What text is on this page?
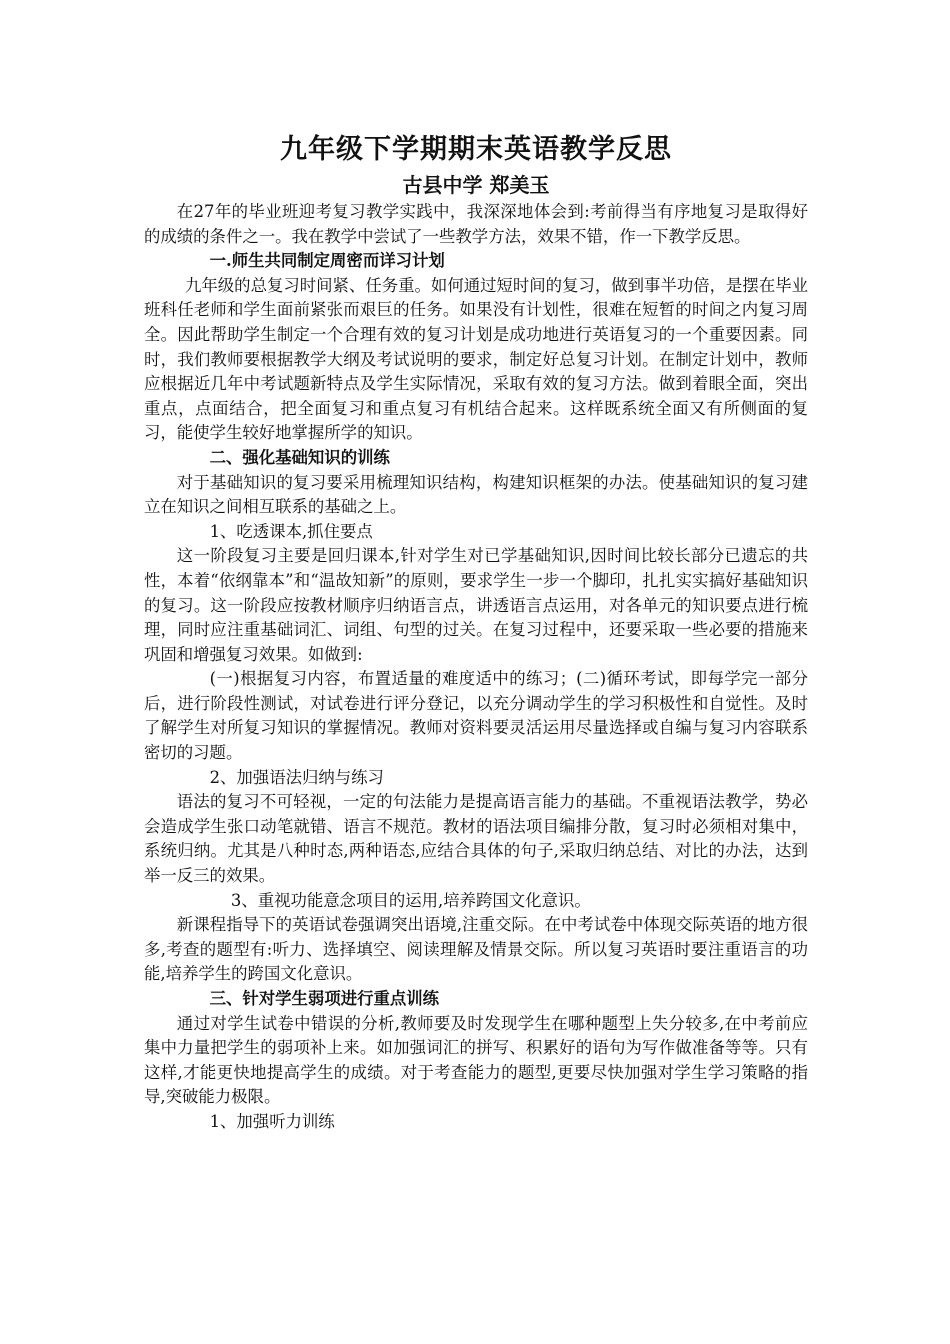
九年级下学期期末英语教学反思
古县中学 郑美玉

在27年的毕业班迎考复习教学实践中，我深深地体会到:考前得当有序地复习是取得好的成绩的条件之一。我在教学中尝试了一些教学方法，效果不错，作一下教学反思。

一.师生共同制定周密而详习计划

九年级的总复习时间紧、任务重。如何通过短时间的复习，做到事半功倍，是摆在毕业班科任老师和学生面前紧张而艰巨的任务。如果没有计划性，很难在短暂的时间之内复习周全。因此帮助学生制定一个合理有效的复习计划是成功地进行英语复习的一个重要因素。同时，我们教师要根据教学大纲及考试说明的要求，制定好总复习计划。在制定计划中，教师应根据近几年中考试题新特点及学生实际情况，采取有效的复习方法。做到着眼全面，突出重点，点面结合，把全面复习和重点复习有机结合起来。这样既系统全面又有所侧面的复习，能使学生较好地掌握所学的知识。

二、强化基础知识的训练

对于基础知识的复习要采用梳理知识结构，构建知识框架的办法。使基础知识的复习建立在知识之间相互联系的基础之上。

1、吃透课本,抓住要点

这一阶段复习主要是回归课本,针对学生对已学基础知识,因时间比较长部分已遗忘的共性，本着“依纲靠本”和“温故知新”的原则，要求学生一步一个脚印，扎扎实实搞好基础知识的复习。这一阶段应按教材顺序归纳语言点，讲透语言点运用，对各单元的知识要点进行梳理，同时应注重基础词汇、词组、句型的过关。在复习过程中，还要采取一些必要的措施来巩固和增强复习效果。如做到:

(一)根据复习内容，布置适量的难度适中的练习；(二)循环考试，即每学完一部分后，进行阶段性测试，对试卷进行评分登记，以充分调动学生的学习积极性和自觉性。及时了解学生对所复习知识的掌握情况。教师对资料要灵活运用尽量选择或自编与复习内容联系密切的习题。

2、加强语法归纳与练习

语法的复习不可轻视，一定的句法能力是提高语言能力的基础。不重视语法教学，势必会造成学生张口动笔就错、语言不规范。教材的语法项目编排分散，复习时必须相对集中，系统归纳。尤其是八种时态,两种语态,应结合具体的句子,采取归纳总结、对比的办法，达到举一反三的效果。

3、重视功能意念项目的运用,培养跨国文化意识。

新课程指导下的英语试卷强调突出语境,注重交际。在中考试卷中体现交际英语的地方很多,考查的题型有:听力、选择填空、阅读理解及情景交际。所以复习英语时要注重语言的功能,培养学生的跨国文化意识。

三、针对学生弱项进行重点训练

通过对学生试卷中错误的分析,教师要及时发现学生在哪种题型上失分较多,在中考前应集中力量把学生的弱项补上来。如加强词汇的拼写、积累好的语句为写作做准备等等。只有这样,才能更快地提高学生的成绩。对于考查能力的题型,更要尽快加强对学生学习策略的指导,突破能力极限。

1、加强听力训练
